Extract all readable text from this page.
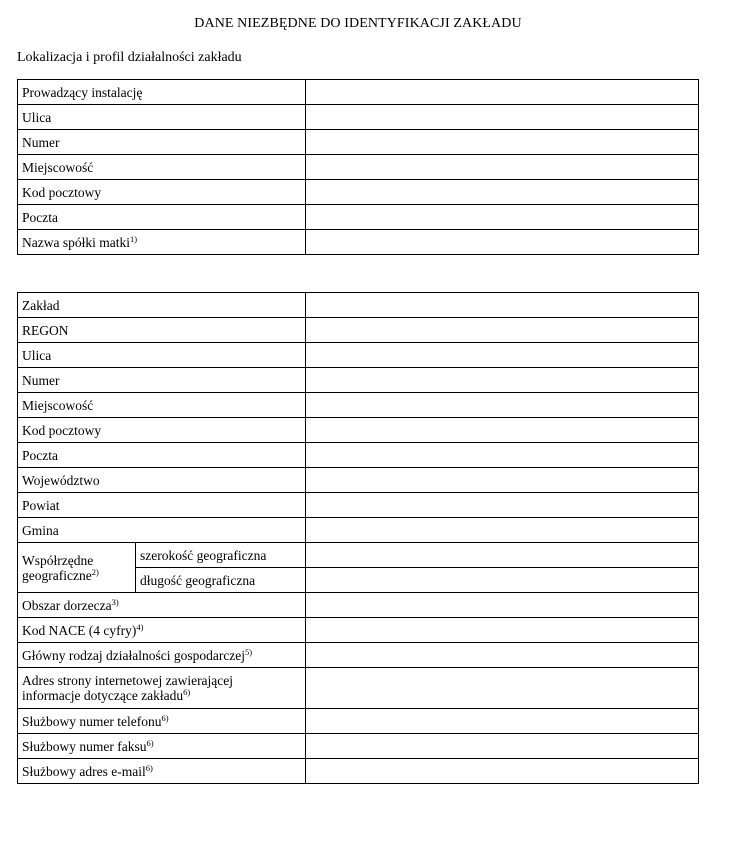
DANE NIEZBĘDNE DO IDENTYFIKACJI ZAKŁADU
Lokalizacja i profil działalności zakładu
Prowadzący instalację	
Ulica	
Numer	
Miejscowość	
Kod pocztowy	
Poczta	
Nazwa spółki matki$^{1)}$	
Zakład		
REGON		
Ulica		
Numer		
Miejscowość		
Kod pocztowy		
Poczta		
Województwo		
Powiat		
Gmina		
Współrzędne
geograficzne$^{2)}$	szerokość geograficzna	
	długość geograficzna	
Obszar dorzecza$^{3)}$	
Kod NACE (4 cyfry)$^{4)}$	
Główny rodzaj działalności gospodarczej$^{5)}$	
Adres strony internetowej zawierającej
informacje dotyczące zakładu$^{6)}$	
Służbowy numer telefonu$^{6)}$	
Służbowy numer faksu$^{6)}$	
Służbowy adres e-mail$^{6)}$	
